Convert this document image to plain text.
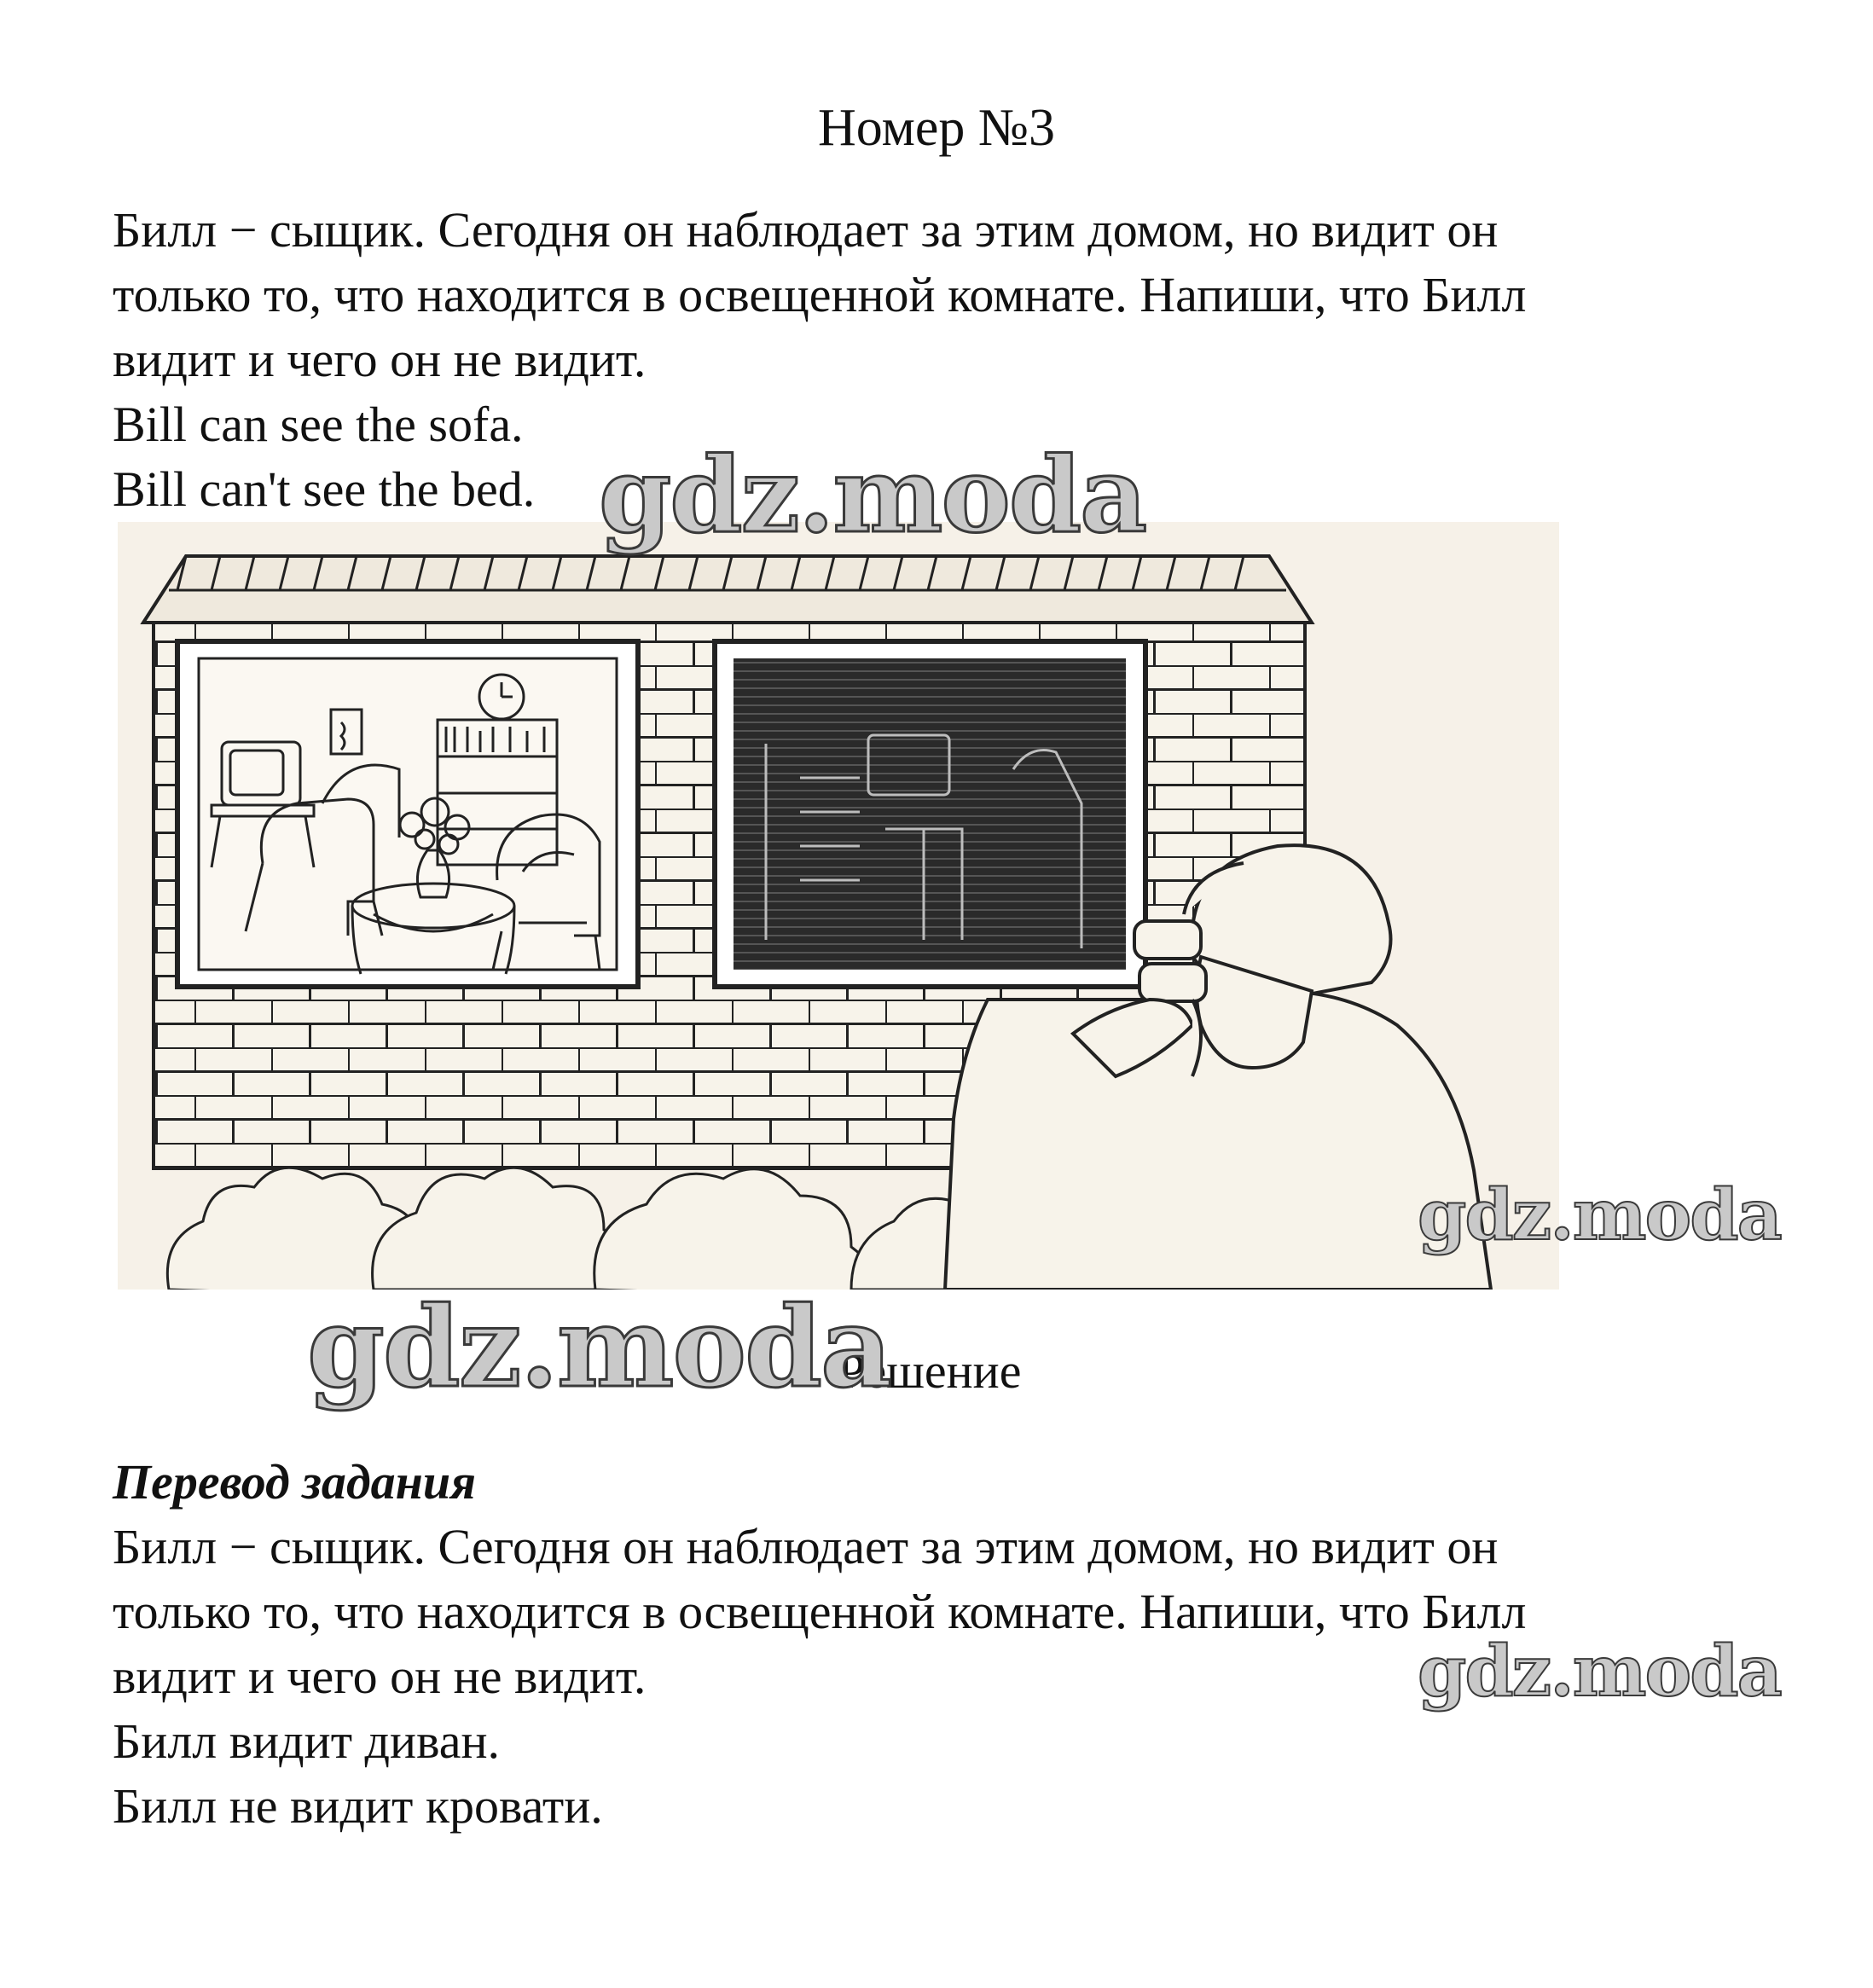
Номер №3

Билл − сыщик. Сегодня он наблюдает за этим домом, но видит он
только то, что находится в освещенной комнате. Напиши, что Билл
видит и чего он не видит.

Bill can see the sofa.

Bill can't see the bed.

Решение
Перевод задания

Билл − сыщик. Сегодня он наблюдает за этим домом, но видит он
только то, что находится в освещенной комнате. Напиши, что Билл
видит и чего он не видит.

Билл видит диван.

Билл не видит кровати.

gdz.moda
gdz.moda
gdz.moda
gdz.moda
